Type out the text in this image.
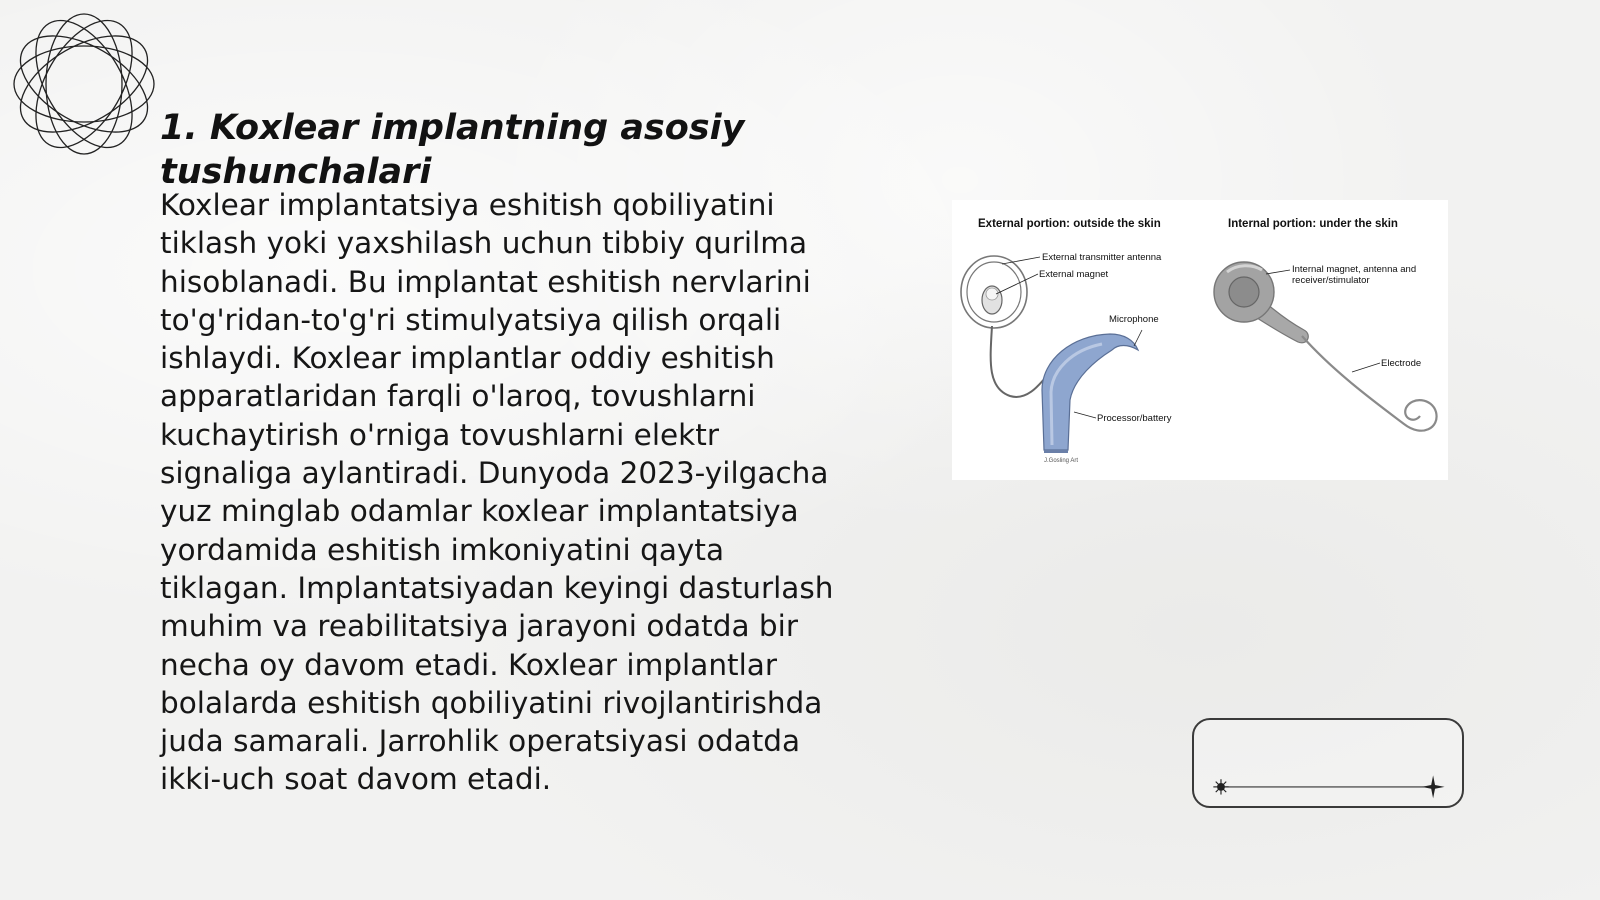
1. Koxlear implantning asosiy tushunchalari

Koxlear implantatsiya eshitish qobiliyatini tiklash yoki yaxshilash uchun tibbiy qurilma hisoblanadi. Bu implantat eshitish nervlarini to'g'ridan-to'g'ri stimulyatsiya qilish orqali ishlaydi. Koxlear implantlar oddiy eshitish apparatlaridan farqli o'laroq, tovushlarni kuchaytirish o'rniga tovushlarni elektr signaliga aylantiradi. Dunyoda 2023-yilgacha yuz minglab odamlar koxlear implantatsiya yordamida eshitish imkoniyatini qayta tiklagan. Implantatsiyadan keyingi dasturlash muhim va reabilitatsiya jarayoni odatda bir necha oy davom etadi. Koxlear implantlar bolalarda eshitish qobiliyatini rivojlantirishda juda samarali. Jarrohlik operatsiyasi odatda ikki-uch soat davom etadi.

External portion: outside the skin	Internal portion: under the skin
J.Gosling Art
External transmitter antenna
External magnet
Microphone
Processor/battery
Internal magnet, antenna and
receiver/stimulator
Electrode
